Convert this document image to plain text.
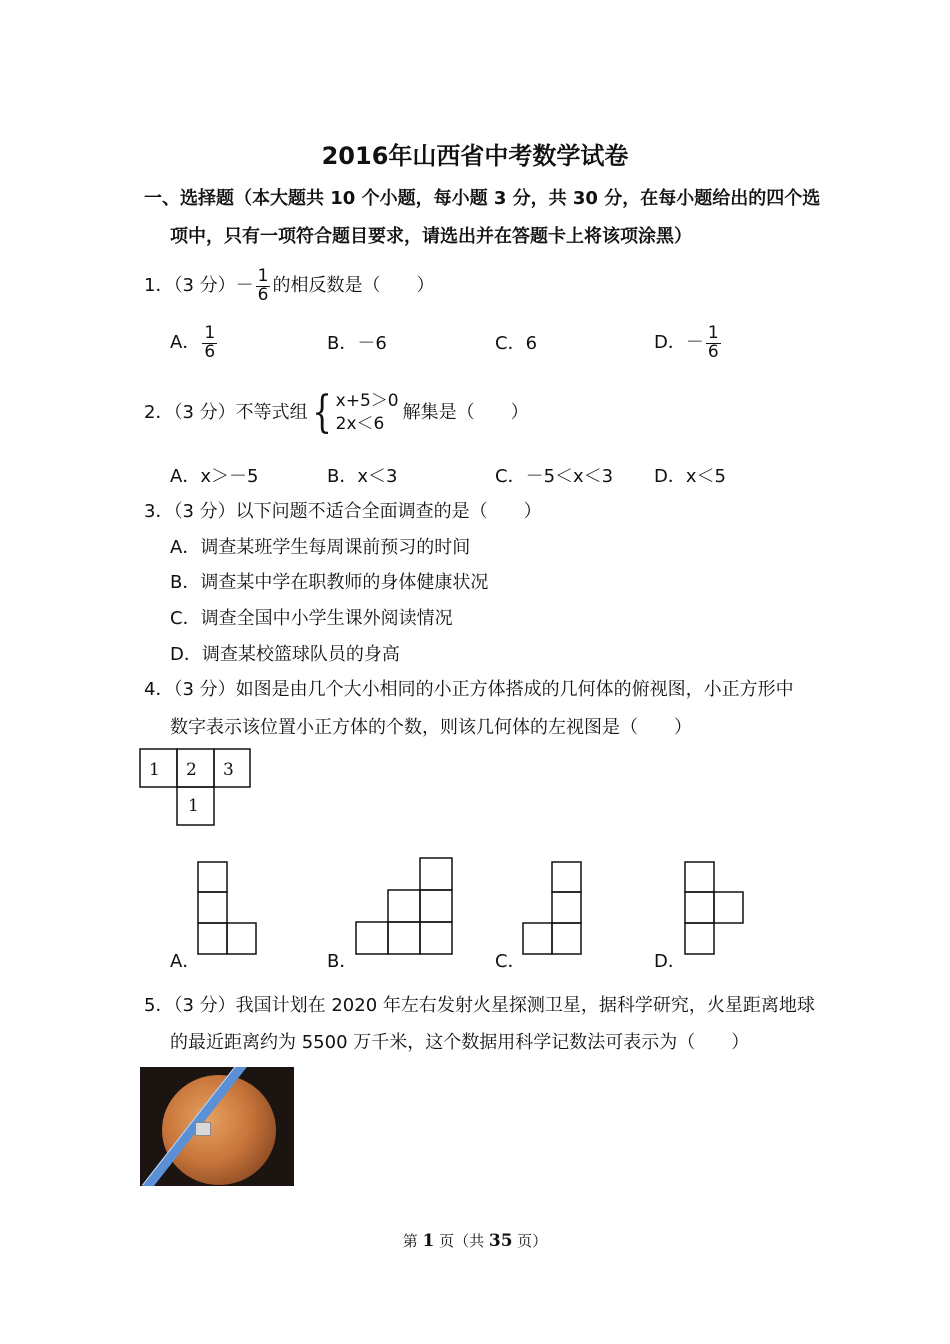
2016年山西省中考数学试卷
一、选择题（本大题共 10 个小题，每小题 3 分，共 30 分，在每小题给出的四个选
项中，只有一项符合题目要求，请选出并在答题卡上将该项涂黑）
1．（3 分） － $\frac{1}{6}$ 的相反数是（　　）
A． $\frac{1}{6}$	B．－6	C．6	D．－ $\frac{1}{6}$
2．（3 分）不等式组 { x+5＞0
2x＜6
解集是（　　）
A．x＞－5	B．x＜3	C．－5＜x＜3 D．x＜5
3．（3 分）以下问题不适合全面调查的是（　　）
A．调查某班学生每周课前预习的时间
B．调查某中学在职教师的身体健康状况
C．调查全国中小学生课外阅读情况
D．调查某校篮球队员的身高
4．（3 分）如图是由几个大小相同的小正方体搭成的几何体的俯视图，小正方形中
数字表示该位置小正方体的个数，则该几何体的左视图是（　　）
1 2 3
1
A．	B．	C．	D．
5．（3 分）我国计划在 2020 年左右发射火星探测卫星，据科学研究，火星距离地球
的最近距离约为 5500 万千米，这个数据用科学记数法可表示为（　　）
第 1 页（共 35 页）
